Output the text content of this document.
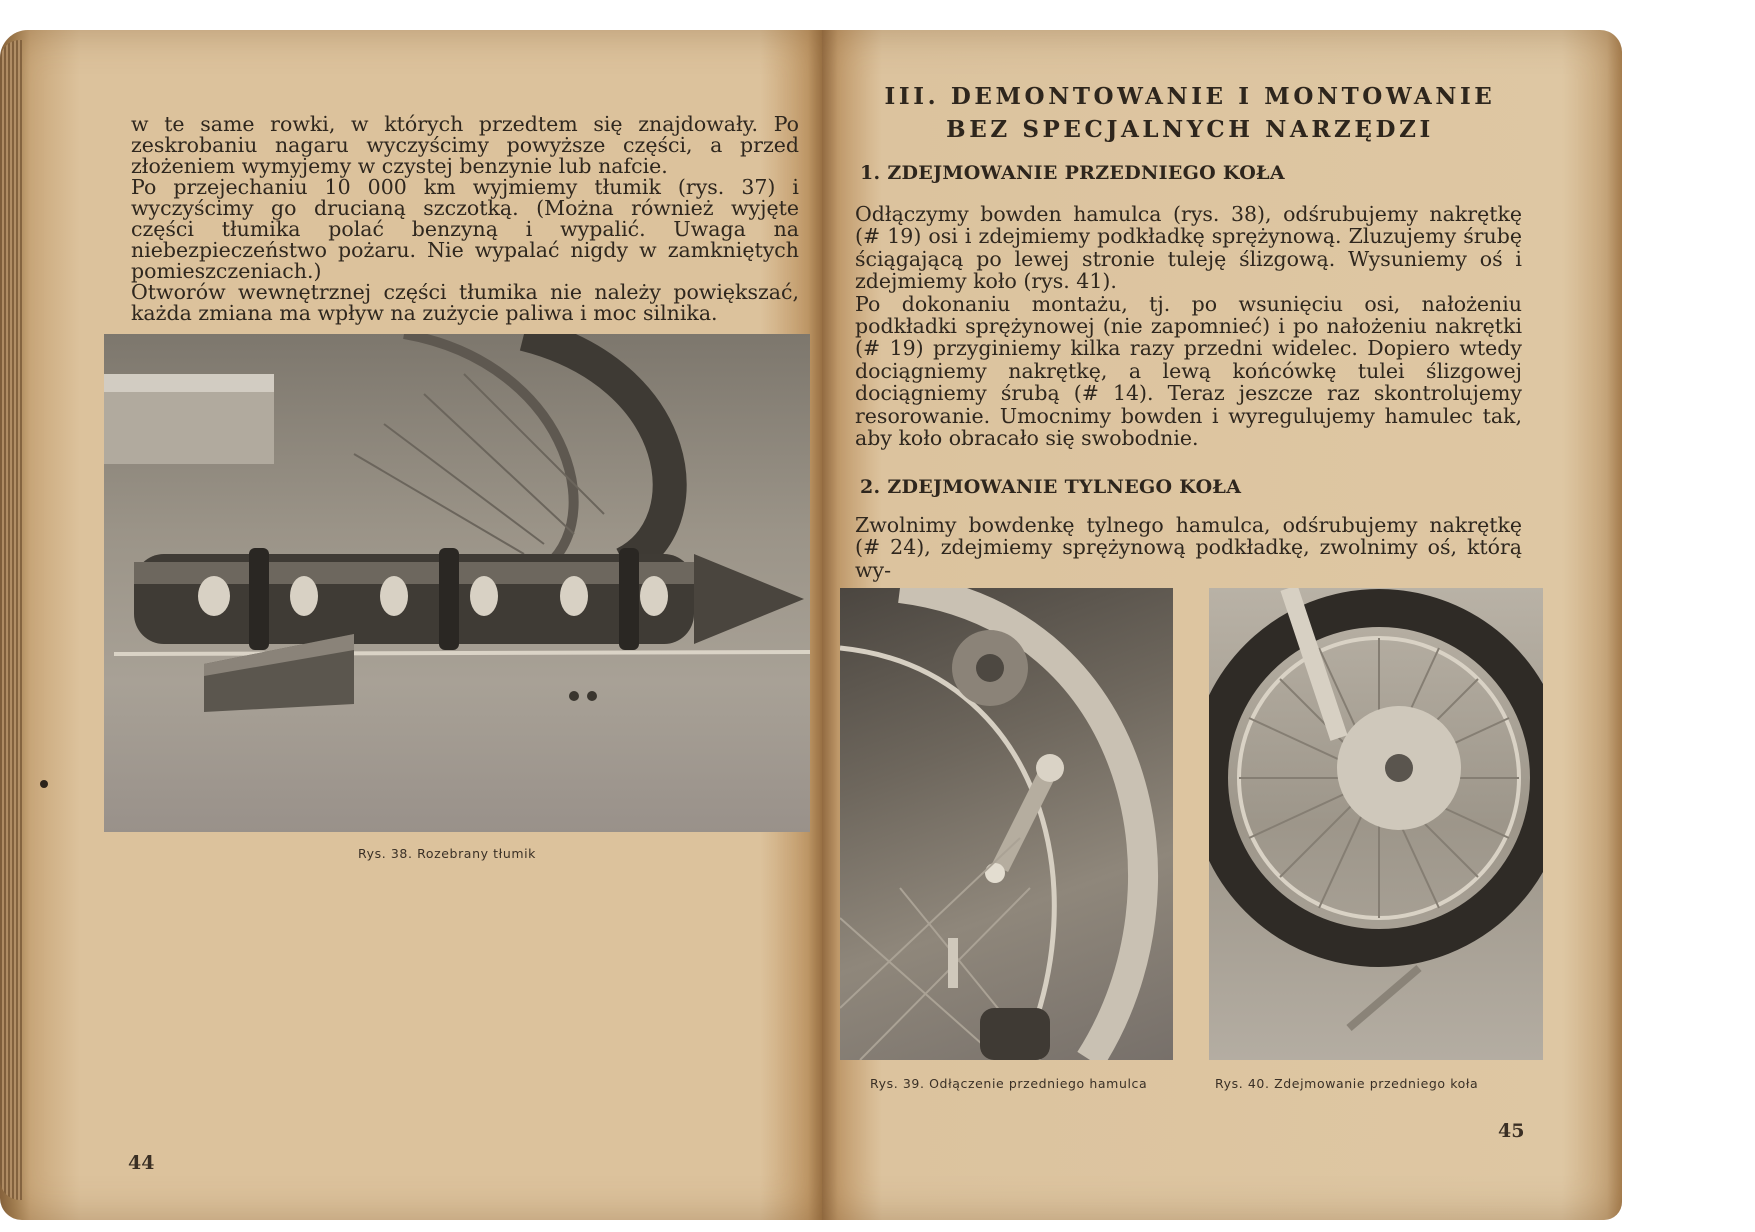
w te same rowki, w których przedtem się znajdowały. Po zeskrobaniu nagaru wyczyścimy powyższe części, a przed złożeniem wymyjemy w czystej benzynie lub nafcie.

Po przejechaniu 10 000 km wyjmiemy tłumik (rys. 37) i wyczyścimy go drucianą szczotką. (Można również wyjęte części tłumika polać benzyną i wypalić. Uwaga na niebezpieczeństwo pożaru. Nie wypalać nigdy w zamkniętych pomieszczeniach.)

Otworów wewnętrznej części tłumika nie należy powiększać, każda zmiana ma wpływ na zużycie paliwa i moc silnika.

Rys. 38. Rozebrany tłumik
44
III. DEMONTOWANIE I MONTOWANIE
BEZ SPECJALNYCH NARZĘDZI
1. ZDEJMOWANIE PRZEDNIEGO KOŁA

Odłączymy bowden hamulca (rys. 38), odśrubujemy nakrętkę (# 19) osi i zdejmiemy podkładkę sprężynową. Zluzujemy śrubę ściągającą po lewej stronie tuleję ślizgową. Wysuniemy oś i zdejmiemy koło (rys. 41).

Po dokonaniu montażu, tj. po wsunięciu osi, nałożeniu podkładki sprężynowej (nie zapomnieć) i po nałożeniu nakrętki (# 19) przyginiemy kilka razy przedni widelec. Dopiero wtedy dociągniemy nakrętkę, a lewą końcówkę tulei ślizgowej dociągniemy śrubą (# 14). Teraz jeszcze raz skontrolujemy resorowanie. Umocnimy bowden i wyregulujemy hamulec tak, aby koło obracało się swobodnie.

2. ZDEJMOWANIE TYLNEGO KOŁA

Zwolnimy bowdenkę tylnego hamulca, odśrubujemy nakrętkę (# 24), zdejmiemy sprężynową podkładkę, zwolnimy oś, którą wy-

Rys. 39. Odłączenie przedniego hamulca	Rys. 40. Zdejmowanie przedniego koła
45
